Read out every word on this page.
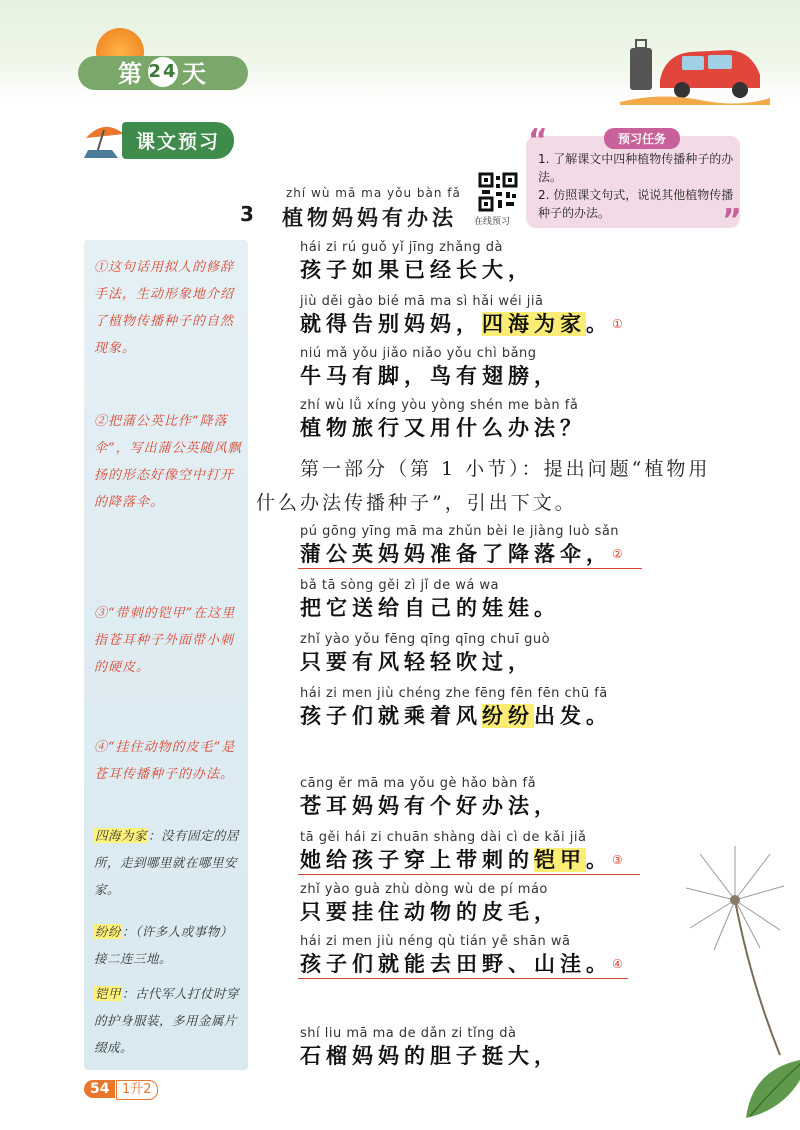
第 24 天
课文预习	预习任务
“
”
1. 了解课文中四种植物传播种子的办法。
2. 仿照课文句式，说说其他植物传播种子的办法。
3
zhí wù mā ma yǒu bàn fǎ
植物妈妈有办法 在线预习
①这句话用拟人的修辞手法，生动形象地介绍了植物传播种子的自然现象。
②把蒲公英比作“降落伞”，写出蒲公英随风飘扬的形态好像空中打开的降落伞。
③“带刺的铠甲”在这里指苍耳种子外面带小刺的硬皮。
④“挂住动物的皮毛”是苍耳传播种子的办法。
四海为家：没有固定的居所，走到哪里就在哪里安家。
纷纷：（许多人或事物）接二连三地。
铠甲：古代军人打仗时穿的护身服装，多用金属片缀成。
hái zi rú guǒ yǐ jīng zhǎng dà
孩子如果已经长大，
jiù děi gào bié mā ma sì hǎi wéi jiā
就得告别妈妈，四海为家。①
niú mǎ yǒu jiǎo niǎo yǒu chì bǎng
牛马有脚，鸟有翅膀，
zhí wù lǚ xíng yòu yòng shén me bàn fǎ
植物旅行又用什么办法？
第一部分（第 1 小节）：提出问题“植物用
什么办法传播种子”，引出下文。
pú gōng yīng mā ma zhǔn bèi le jiàng luò sǎn
蒲公英妈妈准备了降落伞，②
bǎ tā sòng gěi zì jǐ de wá wa
把它送给自己的娃娃。
zhǐ yào yǒu fēng qīng qīng chuī guò
只要有风轻轻吹过，
hái zi men jiù chéng zhe fēng fēn fēn chū fā
孩子们就乘着风纷纷出发。
cāng ěr mā ma yǒu gè hǎo bàn fǎ
苍耳妈妈有个好办法，
tā gěi hái zi chuān shàng dài cì de kǎi jiǎ
她给孩子穿上带刺的铠甲。③
zhǐ yào guà zhù dòng wù de pí máo
只要挂住动物的皮毛，
hái zi men jiù néng qù tián yě shān wā
孩子们就能去田野、山洼。④
shí liu mā ma de dǎn zi tǐng dà
石榴妈妈的胆子挺大，
54 1升2
